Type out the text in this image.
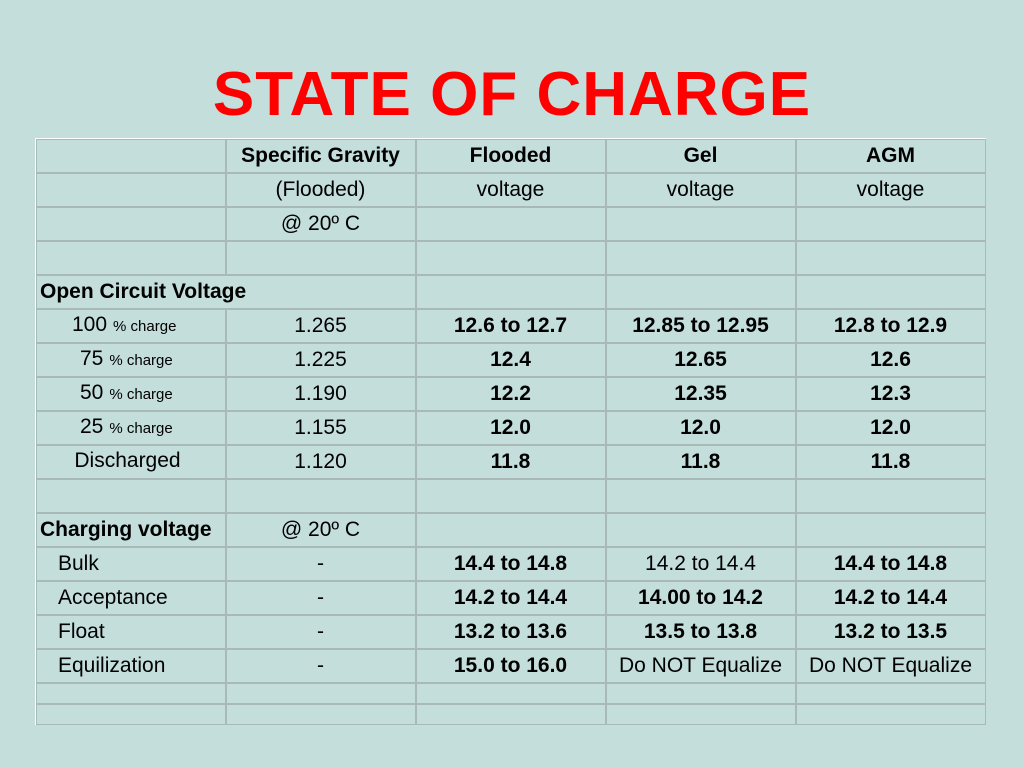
STATE OF CHARGE
	Specific Gravity	Flooded	Gel	AGM
	(Flooded)	voltage	voltage	voltage
	@ 20º C			

Open Circuit Voltage				
100 % charge	1.265	12.6 to 12.7	12.85 to 12.95	12.8 to 12.9
75 % charge	1.225	12.4	12.65	12.6
50 % charge	1.190	12.2	12.35	12.3
25 % charge	1.155	12.0	12.0	12.0
Discharged	1.120	11.8	11.8	11.8

Charging voltage	@ 20º C			
Bulk	-	14.4 to 14.8	14.2 to 14.4	14.4 to 14.8
Acceptance	-	14.2 to 14.4	14.00 to 14.2	14.2 to 14.4
Float	-	13.2 to 13.6	13.5 to 13.8	13.2 to 13.5
Equilization	-	15.0 to 16.0	Do NOT Equalize	Do NOT Equalize
